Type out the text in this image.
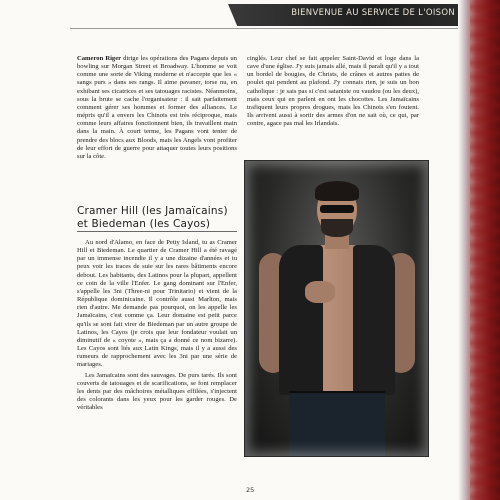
BIENVENUE AU SERVICE DE L'OISON

Cameron Riger dirige les opérations des Pagans depuis un bowling sur Morgan Street et Broadway. L'homme se voit comme une sorte de Viking moderne et n'accepte que les « sangs purs » dans ses rangs. Il aime pavaner, torse nu, en exhibant ses cicatrices et ses tatouages racistes. Néanmoins, sous la brute se cache l'organisateur : il sait parfaitement comment gérer ses hommes et former des alliances. Le mépris qu'il a envers les Chinois est très réciproque, mais comme leurs affaires fonctionnent bien, ils travaillent main dans la main. À court terme, les Pagans vont tenter de prendre des blocs aux Bloods, mais les Angels vont profiter de leur effort de guerre pour attaquer toutes leurs positions sur la côte.

cinglés. Leur chef se fait appeler Saint-David et loge dans la cave d'une église. J'y suis jamais allé, mais il paraît qu'il y a tout un bordel de bougies, de Christs, de crânes et autres pattes de poulet qui pendent au plafond. J'y connais rien, je suis un bon catholique : je sais pas si c'est sataniste ou vaudou (ou les deux), mais ceux qui en parlent en ont les chocottes. Les Jamaïcains trafiquent leurs propres drogues, mais les Chinois s'en foutent. Ils arrivent aussi à sortir des armes d'on ne sait où, ce qui, par contre, agace pas mal les Irlandais.

Cramer Hill (les Jamaïcains)
et Biedeman (les Cayos)

Au nord d'Alamo, en face de Petty Island, tu as Cramer Hill et Biedeman. Le quartier de Cramer Hill a été ravagé par un immense incendie il y a une dizaine d'années et tu peux voir les traces de suie sur les rares bâtiments encore debout. Les habitants, des Latinos pour la plupart, appellent ce coin de la ville l'Enfer. Le gang dominant sur l'Enfer, s'appelle les 3ni (Three-ni pour Trinitario) et vient de la République dominicaine. Il contrôle aussi Marlton, mais rien d'autre. Me demande pas pourquoi, on les appelle les Jamaïcains, c'est comme ça. Leur domaine est petit parce qu'ils se sont fait virer de Biedeman par un autre groupe de Latinos, les Cayos (je crois que leur fondateur voulait un diminutif de « coyote », mais ça a donné ce nom bizarre). Les Cayos sont liés aux Latin Kings, mais il y a aussi des rumeurs de rapprochement avec les 3ni par une série de mariages.

Les Jamaïcains sont des sauvages. De purs tarés. Ils sont couverts de tatouages et de scarifications, se font remplacer les dents par des mâchoires métalliques effilées, s'injectent des colorants dans les yeux pour les garder rouges. De véritables

25
